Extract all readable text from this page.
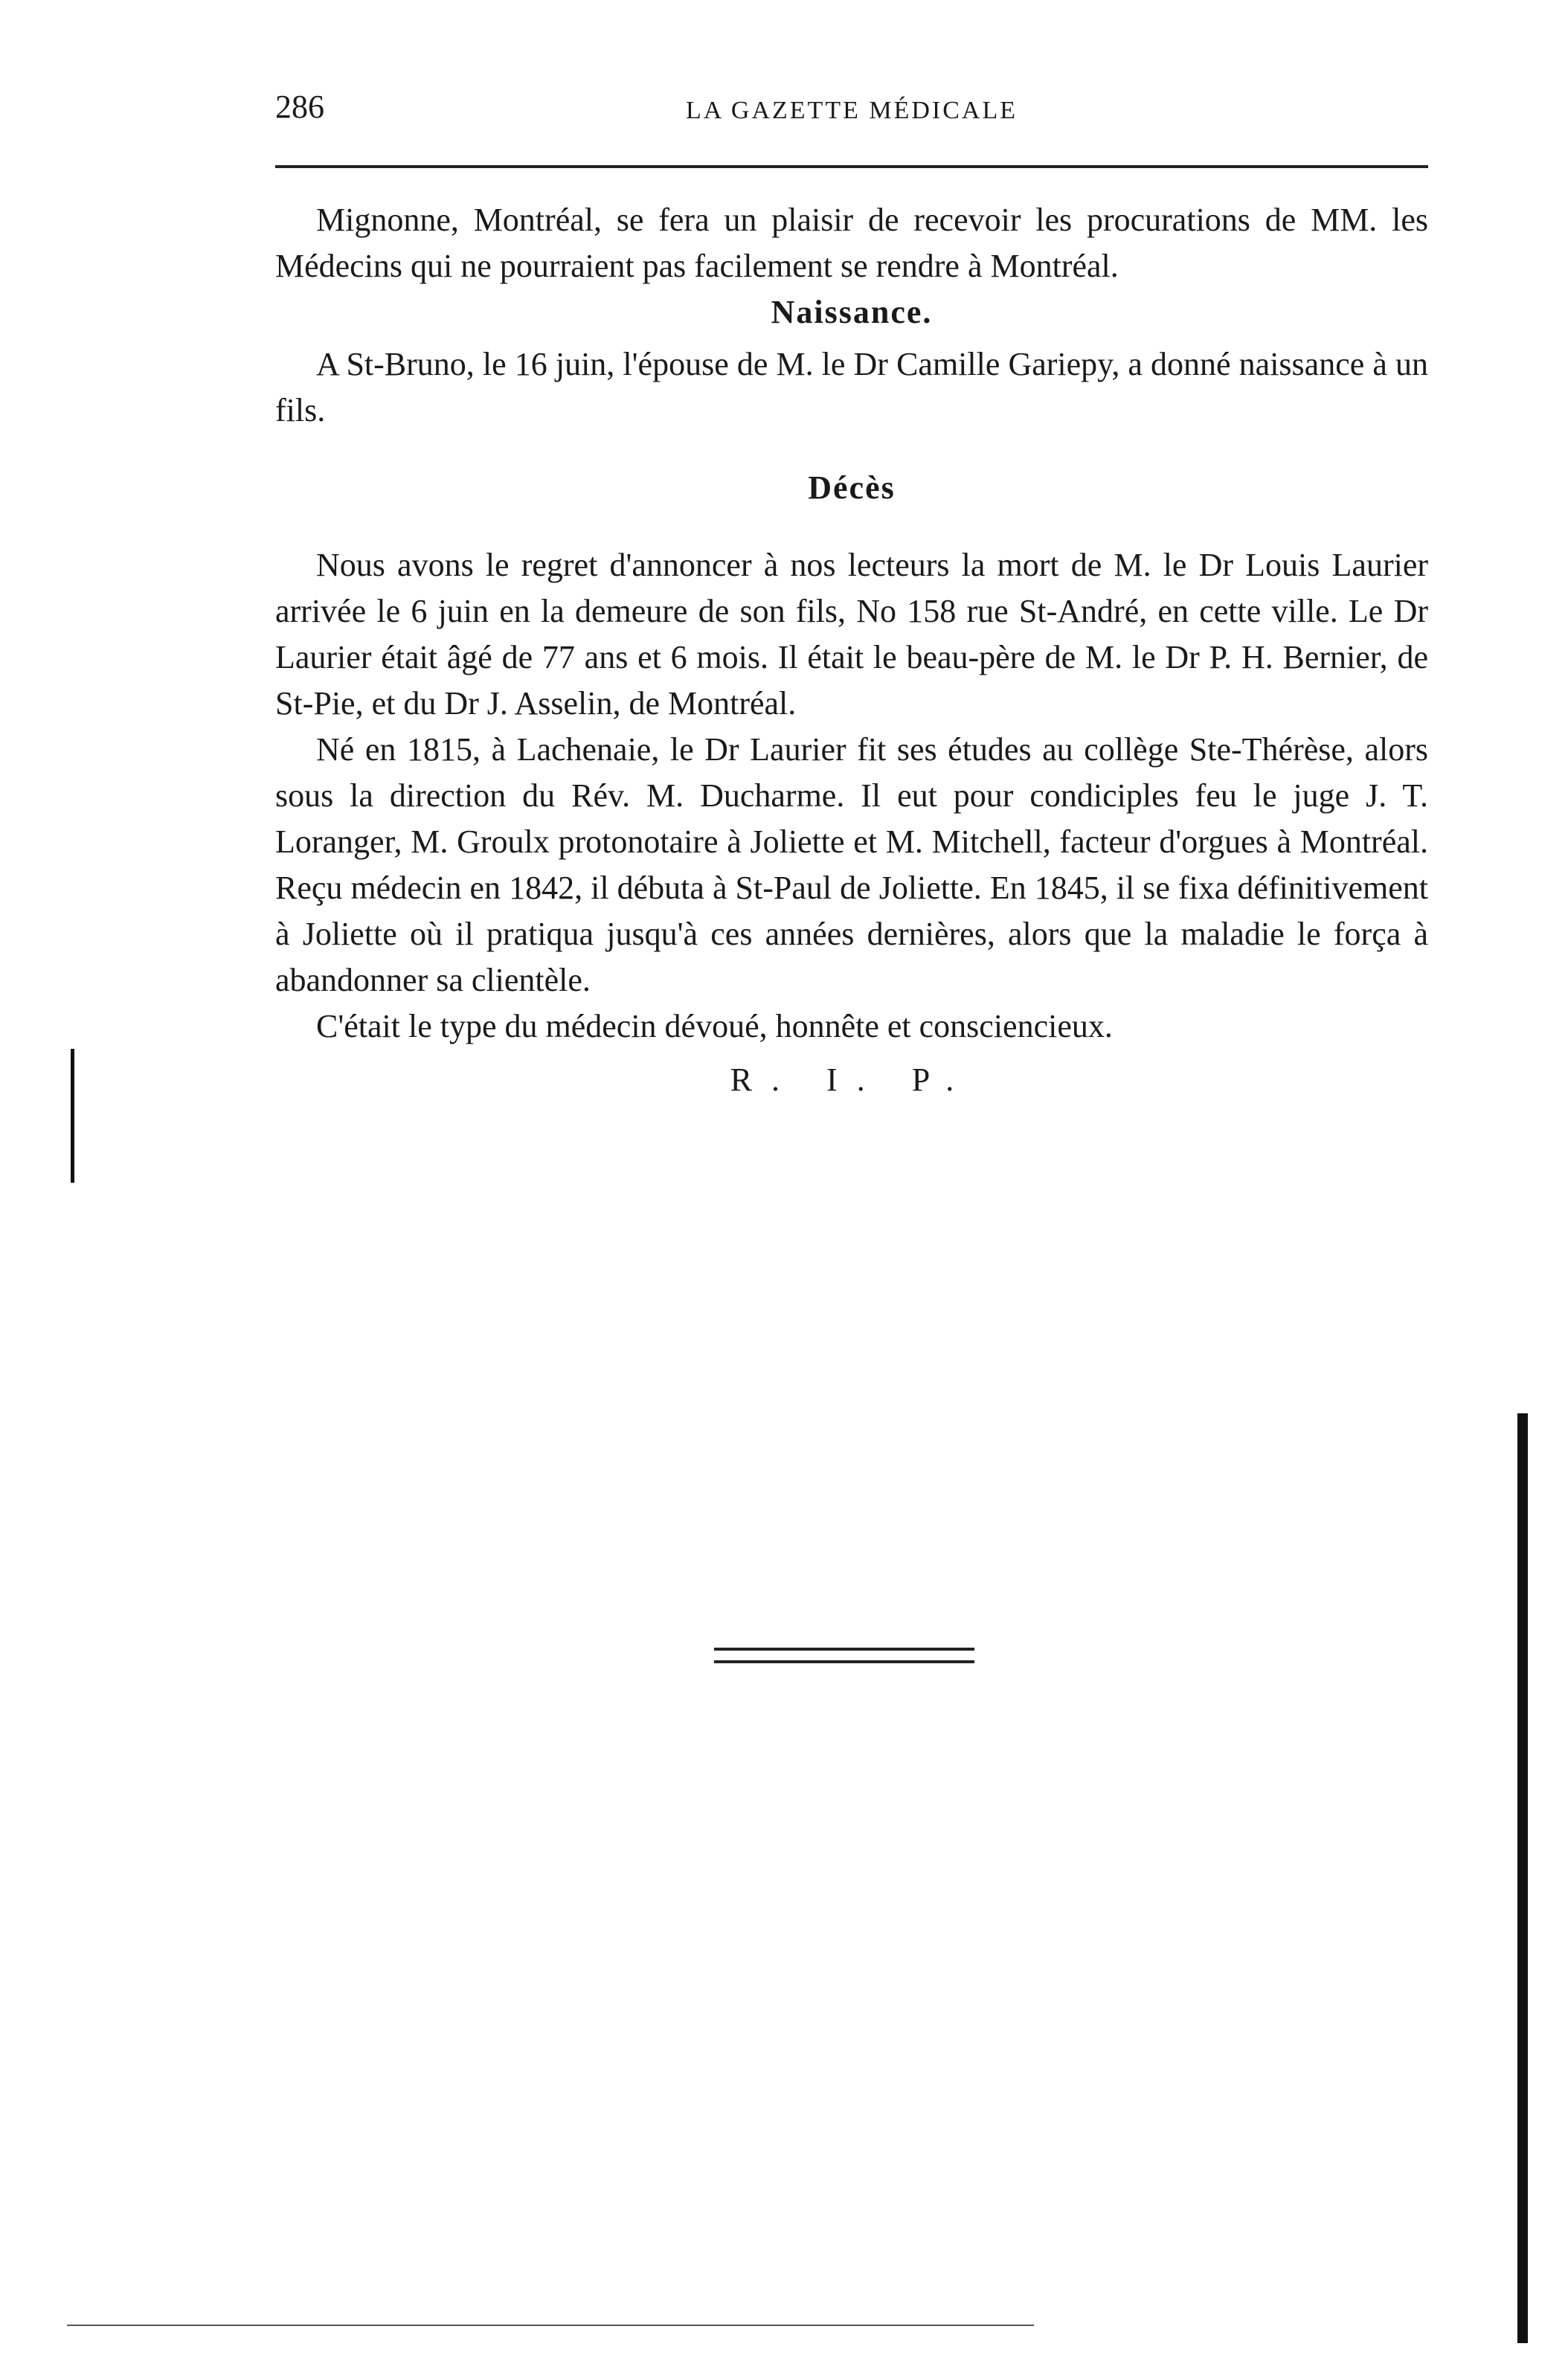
286	LA GAZETTE MÉDICALE

Mignonne, Montréal, se fera un plaisir de recevoir les procurations de MM. les Médecins qui ne pourraient pas facilement se rendre à Montréal.

Naissance.

A St-Bruno, le 16 juin, l'épouse de M. le Dr Camille Gariepy, a donné naissance à un fils.

Décès

Nous avons le regret d'annoncer à nos lecteurs la mort de M. le Dr Louis Laurier arrivée le 6 juin en la demeure de son fils, No 158 rue St-André, en cette ville. Le Dr Laurier était âgé de 77 ans et 6 mois. Il était le beau-père de M. le Dr P. H. Bernier, de St-Pie, et du Dr J. Asselin, de Montréal.

Né en 1815, à Lachenaie, le Dr Laurier fit ses études au collège Ste-Thérèse, alors sous la direction du Rév. M. Ducharme. Il eut pour condiciples feu le juge J. T. Loranger, M. Groulx protonotaire à Joliette et M. Mitchell, facteur d'orgues à Montréal. Reçu médecin en 1842, il débuta à St-Paul de Joliette. En 1845, il se fixa définitivement à Joliette où il pratiqua jusqu'à ces années dernières, alors que la maladie le força à abandonner sa clientèle.

C'était le type du médecin dévoué, honnête et consciencieux.

R. I. P.
